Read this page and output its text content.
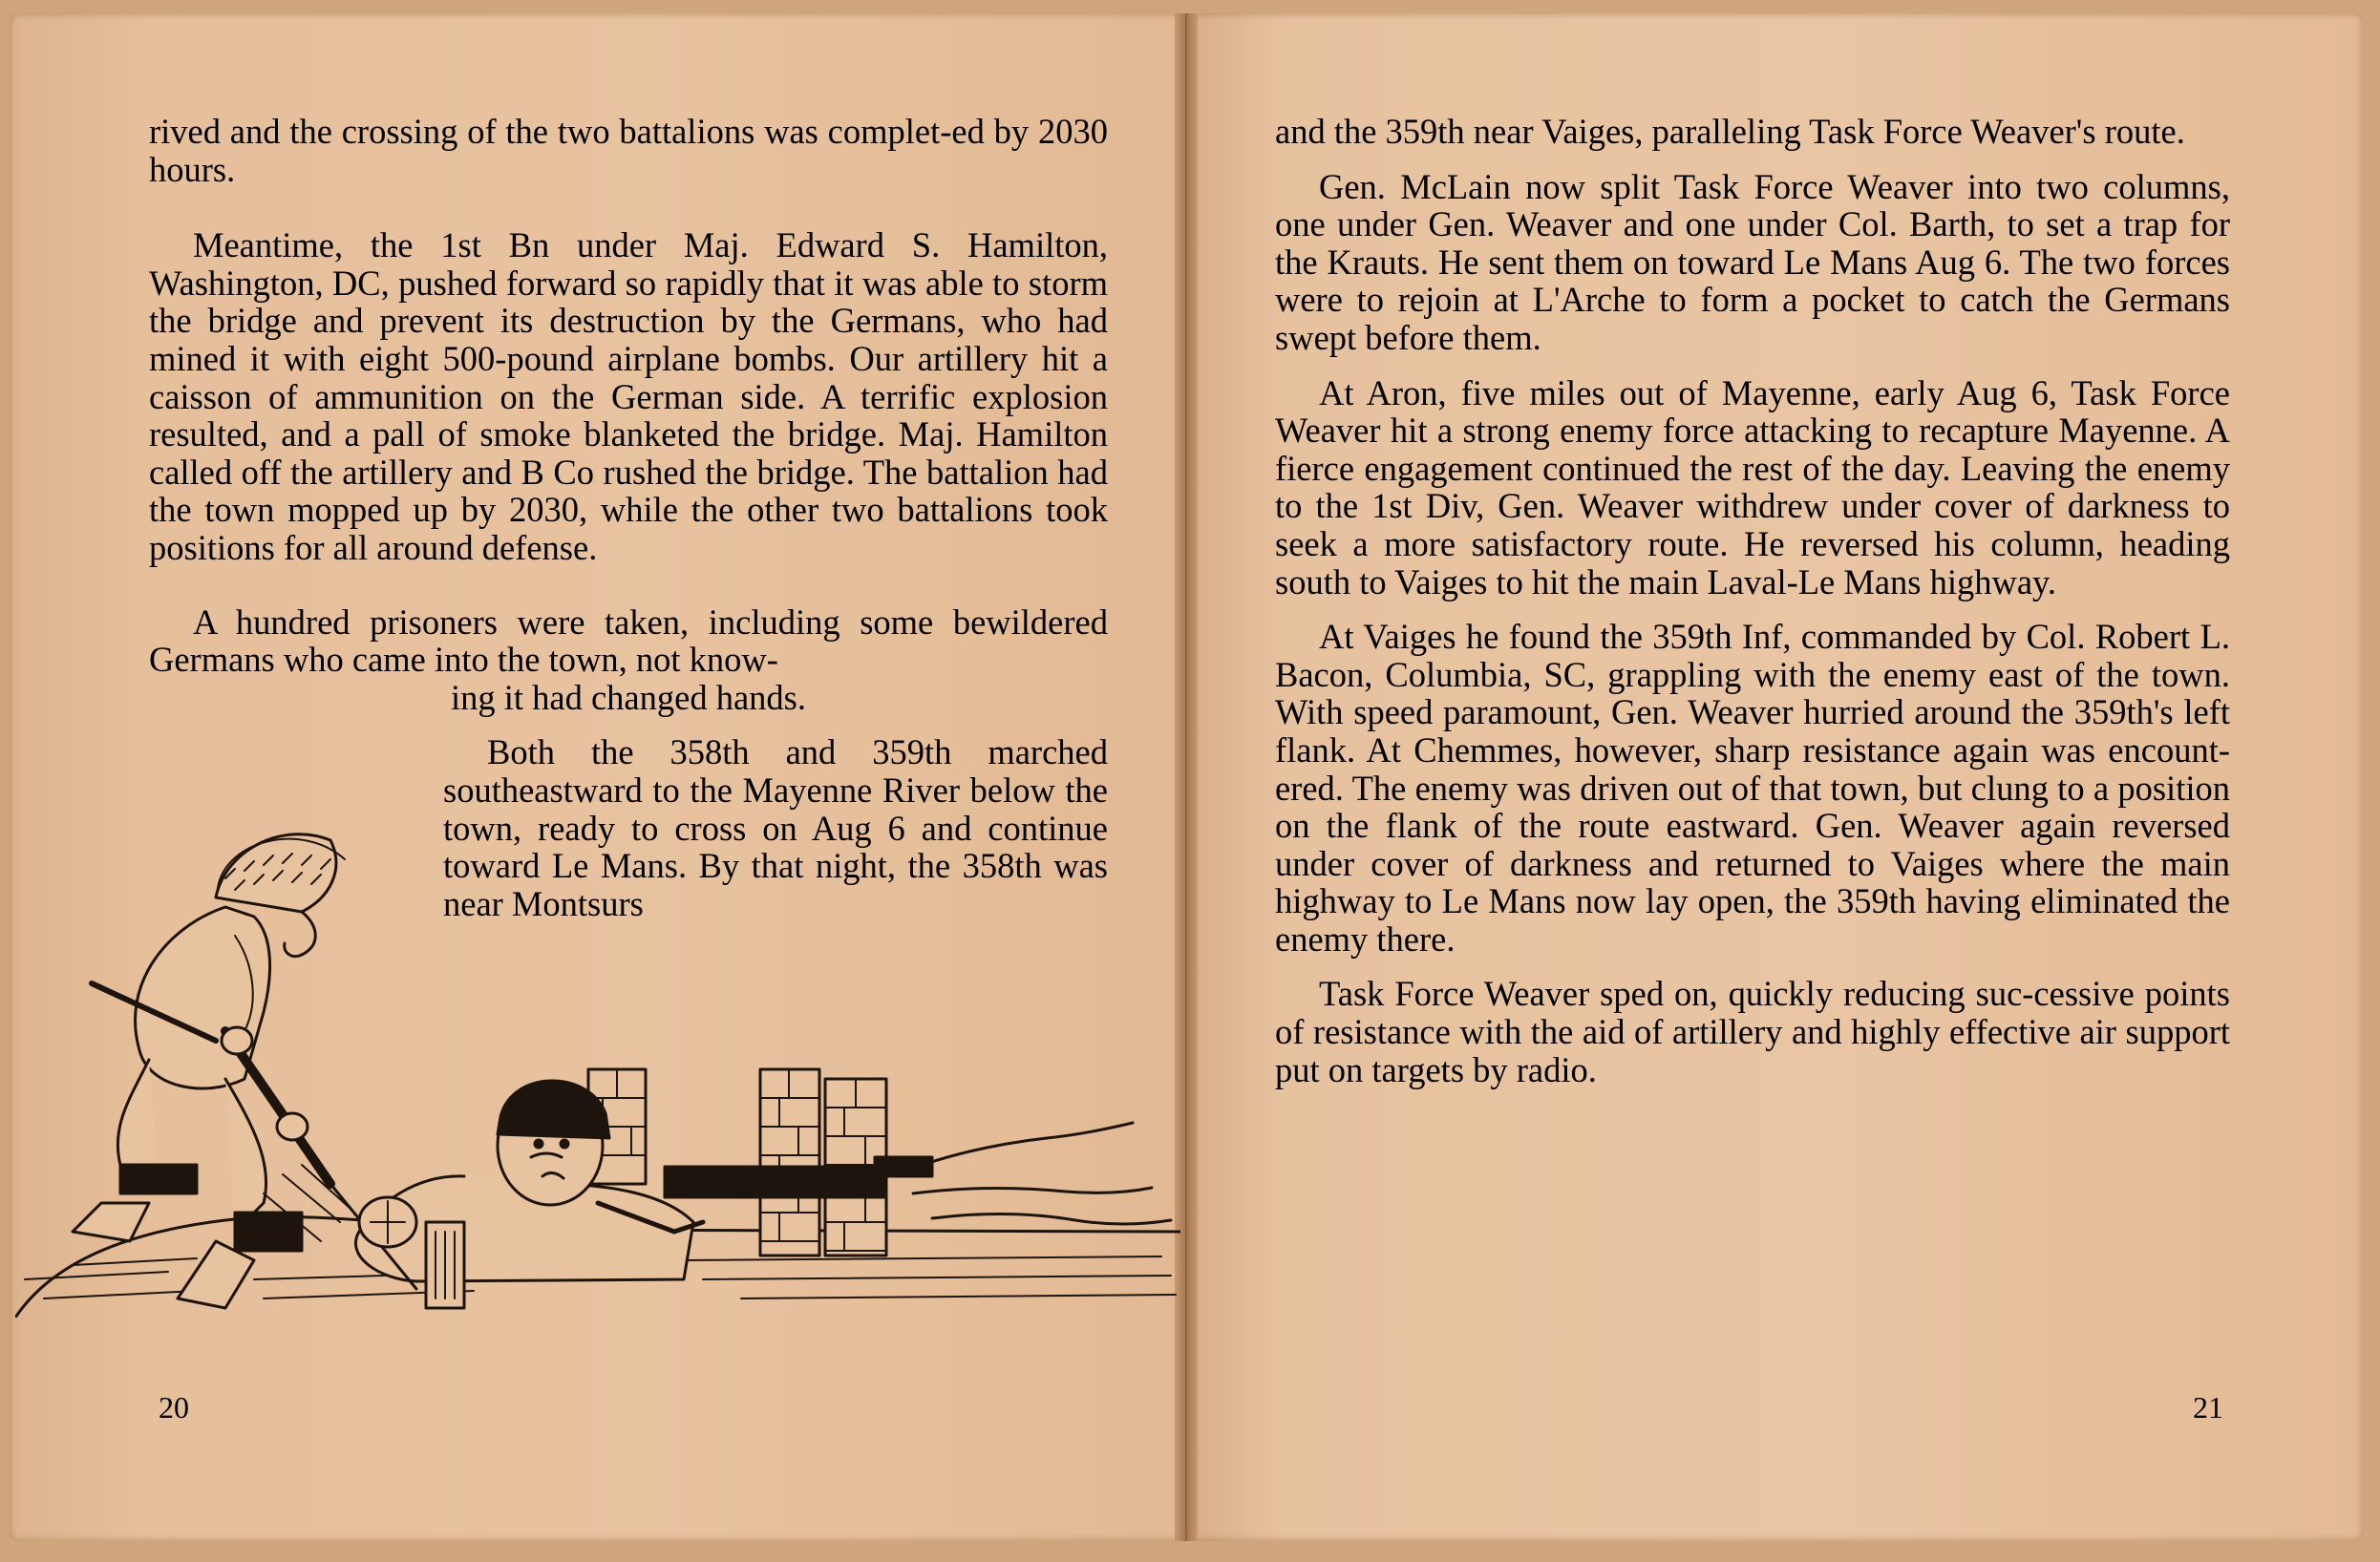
rived and the crossing of the two battalions was complet-ed by 2030 hours.

Meantime, the 1st Bn under Maj. Edward S. Hamilton, Washington, DC, pushed forward so rapidly that it was able to storm the bridge and prevent its destruction by the Germans, who had mined it with eight 500-pound airplane bombs. Our artillery hit a caisson of ammunition on the German side. A terrific explosion resulted, and a pall of smoke blanketed the bridge. Maj. Hamilton called off the artillery and B Co rushed the bridge. The battalion had the town mopped up by 2030, while the other two battalions took positions for all around defense.

A hundred prisoners were taken, including some bewildered Germans who came into the town, not know-

ing it had changed hands.

Both the 358th and 359th marched southeastward to the Mayenne River below the town, ready to cross on Aug 6 and continue toward Le Mans. By that night, the 358th was near Montsurs

and the 359th near Vaiges, paralleling Task Force Weaver's route.

Gen. McLain now split Task Force Weaver into two columns, one under Gen. Weaver and one under Col. Barth, to set a trap for the Krauts. He sent them on toward Le Mans Aug 6. The two forces were to rejoin at L'Arche to form a pocket to catch the Germans swept before them.

At Aron, five miles out of Mayenne, early Aug 6, Task Force Weaver hit a strong enemy force attacking to recapture Mayenne. A fierce engagement continued the rest of the day. Leaving the enemy to the 1st Div, Gen. Weaver withdrew under cover of darkness to seek a more satisfactory route. He reversed his column, heading south to Vaiges to hit the main Laval-Le Mans highway.

At Vaiges he found the 359th Inf, commanded by Col. Robert L. Bacon, Columbia, SC, grappling with the enemy east of the town. With speed paramount, Gen. Weaver hurried around the 359th's left flank. At Chemmes, however, sharp resistance again was encount-ered. The enemy was driven out of that town, but clung to a position on the flank of the route eastward. Gen. Weaver again reversed under cover of darkness and returned to Vaiges where the main highway to Le Mans now lay open, the 359th having eliminated the enemy there.

Task Force Weaver sped on, quickly reducing suc-cessive points of resistance with the aid of artillery and highly effective air support put on targets by radio.

20	21
